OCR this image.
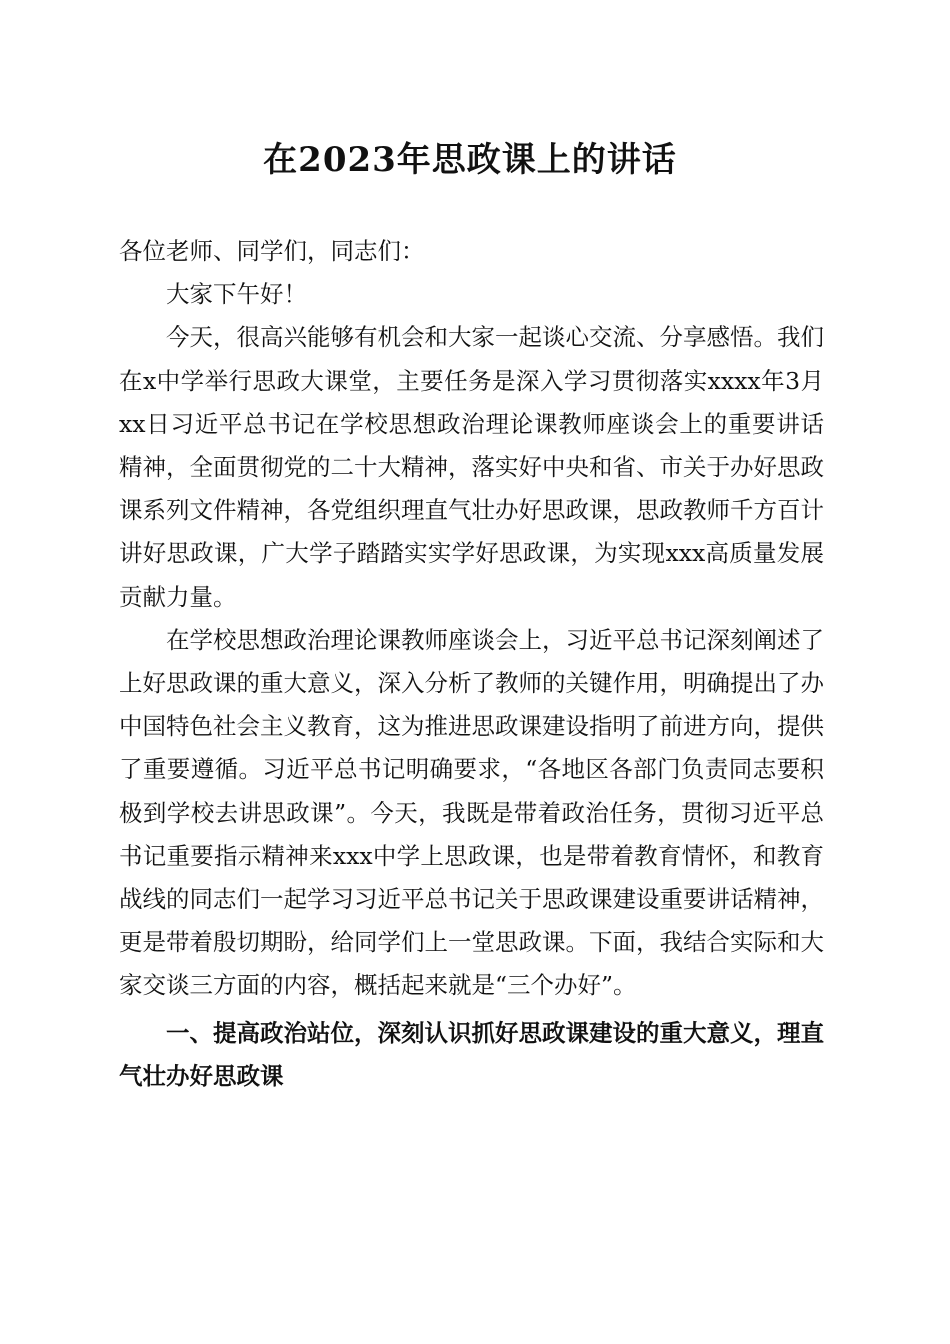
在2023年思政课上的讲话

各位老师、同学们，同志们：

大家下午好！

今天，很高兴能够有机会和大家一起谈心交流、分享感悟。我们在x中学举行思政大课堂，主要任务是深入学习贯彻落实xxxx年3月xx日习近平总书记在学校思想政治理论课教师座谈会上的重要讲话精神，全面贯彻党的二十大精神，落实好中央和省、市关于办好思政课系列文件精神，各党组织理直气壮办好思政课，思政教师千方百计讲好思政课，广大学子踏踏实实学好思政课，为实现xxx高质量发展贡献力量。

在学校思想政治理论课教师座谈会上，习近平总书记深刻阐述了上好思政课的重大意义，深入分析了教师的关键作用，明确提出了办中国特色社会主义教育，这为推进思政课建设指明了前进方向，提供了重要遵循。习近平总书记明确要求，“各地区各部门负责同志要积极到学校去讲思政课”。今天，我既是带着政治任务，贯彻习近平总书记重要指示精神来xxx中学上思政课，也是带着教育情怀，和教育战线的同志们一起学习习近平总书记关于思政课建设重要讲话精神，更是带着殷切期盼，给同学们上一堂思政课。下面，我结合实际和大家交谈三方面的内容，概括起来就是“三个办好”。

一、提高政治站位，深刻认识抓好思政课建设的重大意义，理直气壮办好思政课
